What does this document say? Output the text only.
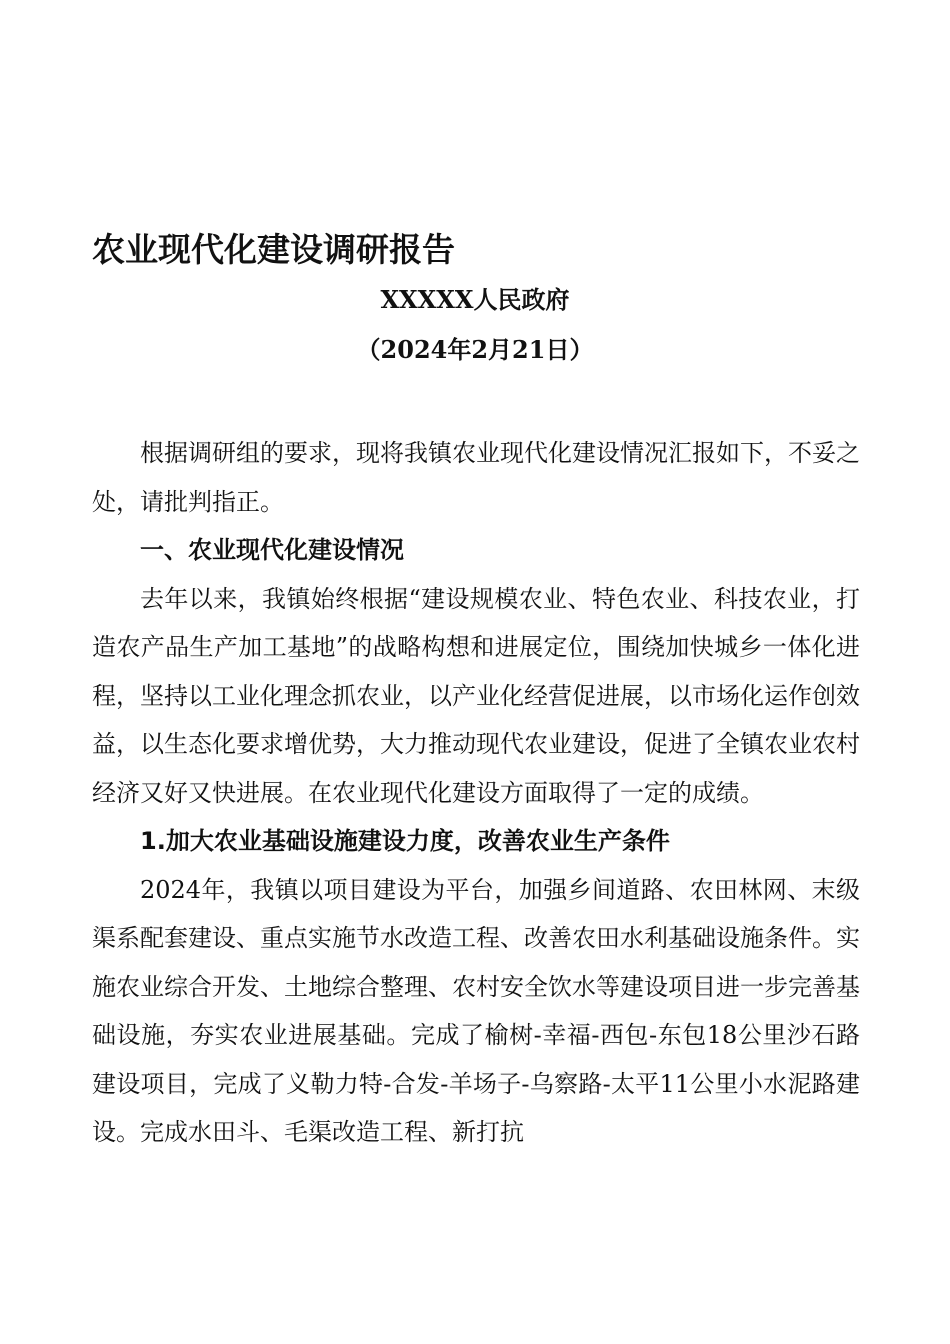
农业现代化建设调研报告
XXXXX人民政府
（2024年2月21日）

根据调研组的要求，现将我镇农业现代化建设情况汇报如下，不妥之处，请批判指正。

一、农业现代化建设情况

去年以来，我镇始终根据“建设规模农业、特色农业、科技农业，打造农产品生产加工基地”的战略构想和进展定位，围绕加快城乡一体化进程，坚持以工业化理念抓农业，以产业化经营促进展，以市场化运作创效益，以生态化要求增优势，大力推动现代农业建设，促进了全镇农业农村经济又好又快进展。在农业现代化建设方面取得了一定的成绩。

1.加大农业基础设施建设力度，改善农业生产条件

2024年，我镇以项目建设为平台，加强乡间道路、农田林网、末级渠系配套建设、重点实施节水改造工程、改善农田水利基础设施条件。实施农业综合开发、土地综合整理、农村安全饮水等建设项目进一步完善基础设施，夯实农业进展基础。完成了榆树-幸福-西包-东包18公里沙石路建设项目，完成了义勒力特-合发-羊场子-乌察路-太平11公里小水泥路建设。完成水田斗、毛渠改造工程、新打抗
